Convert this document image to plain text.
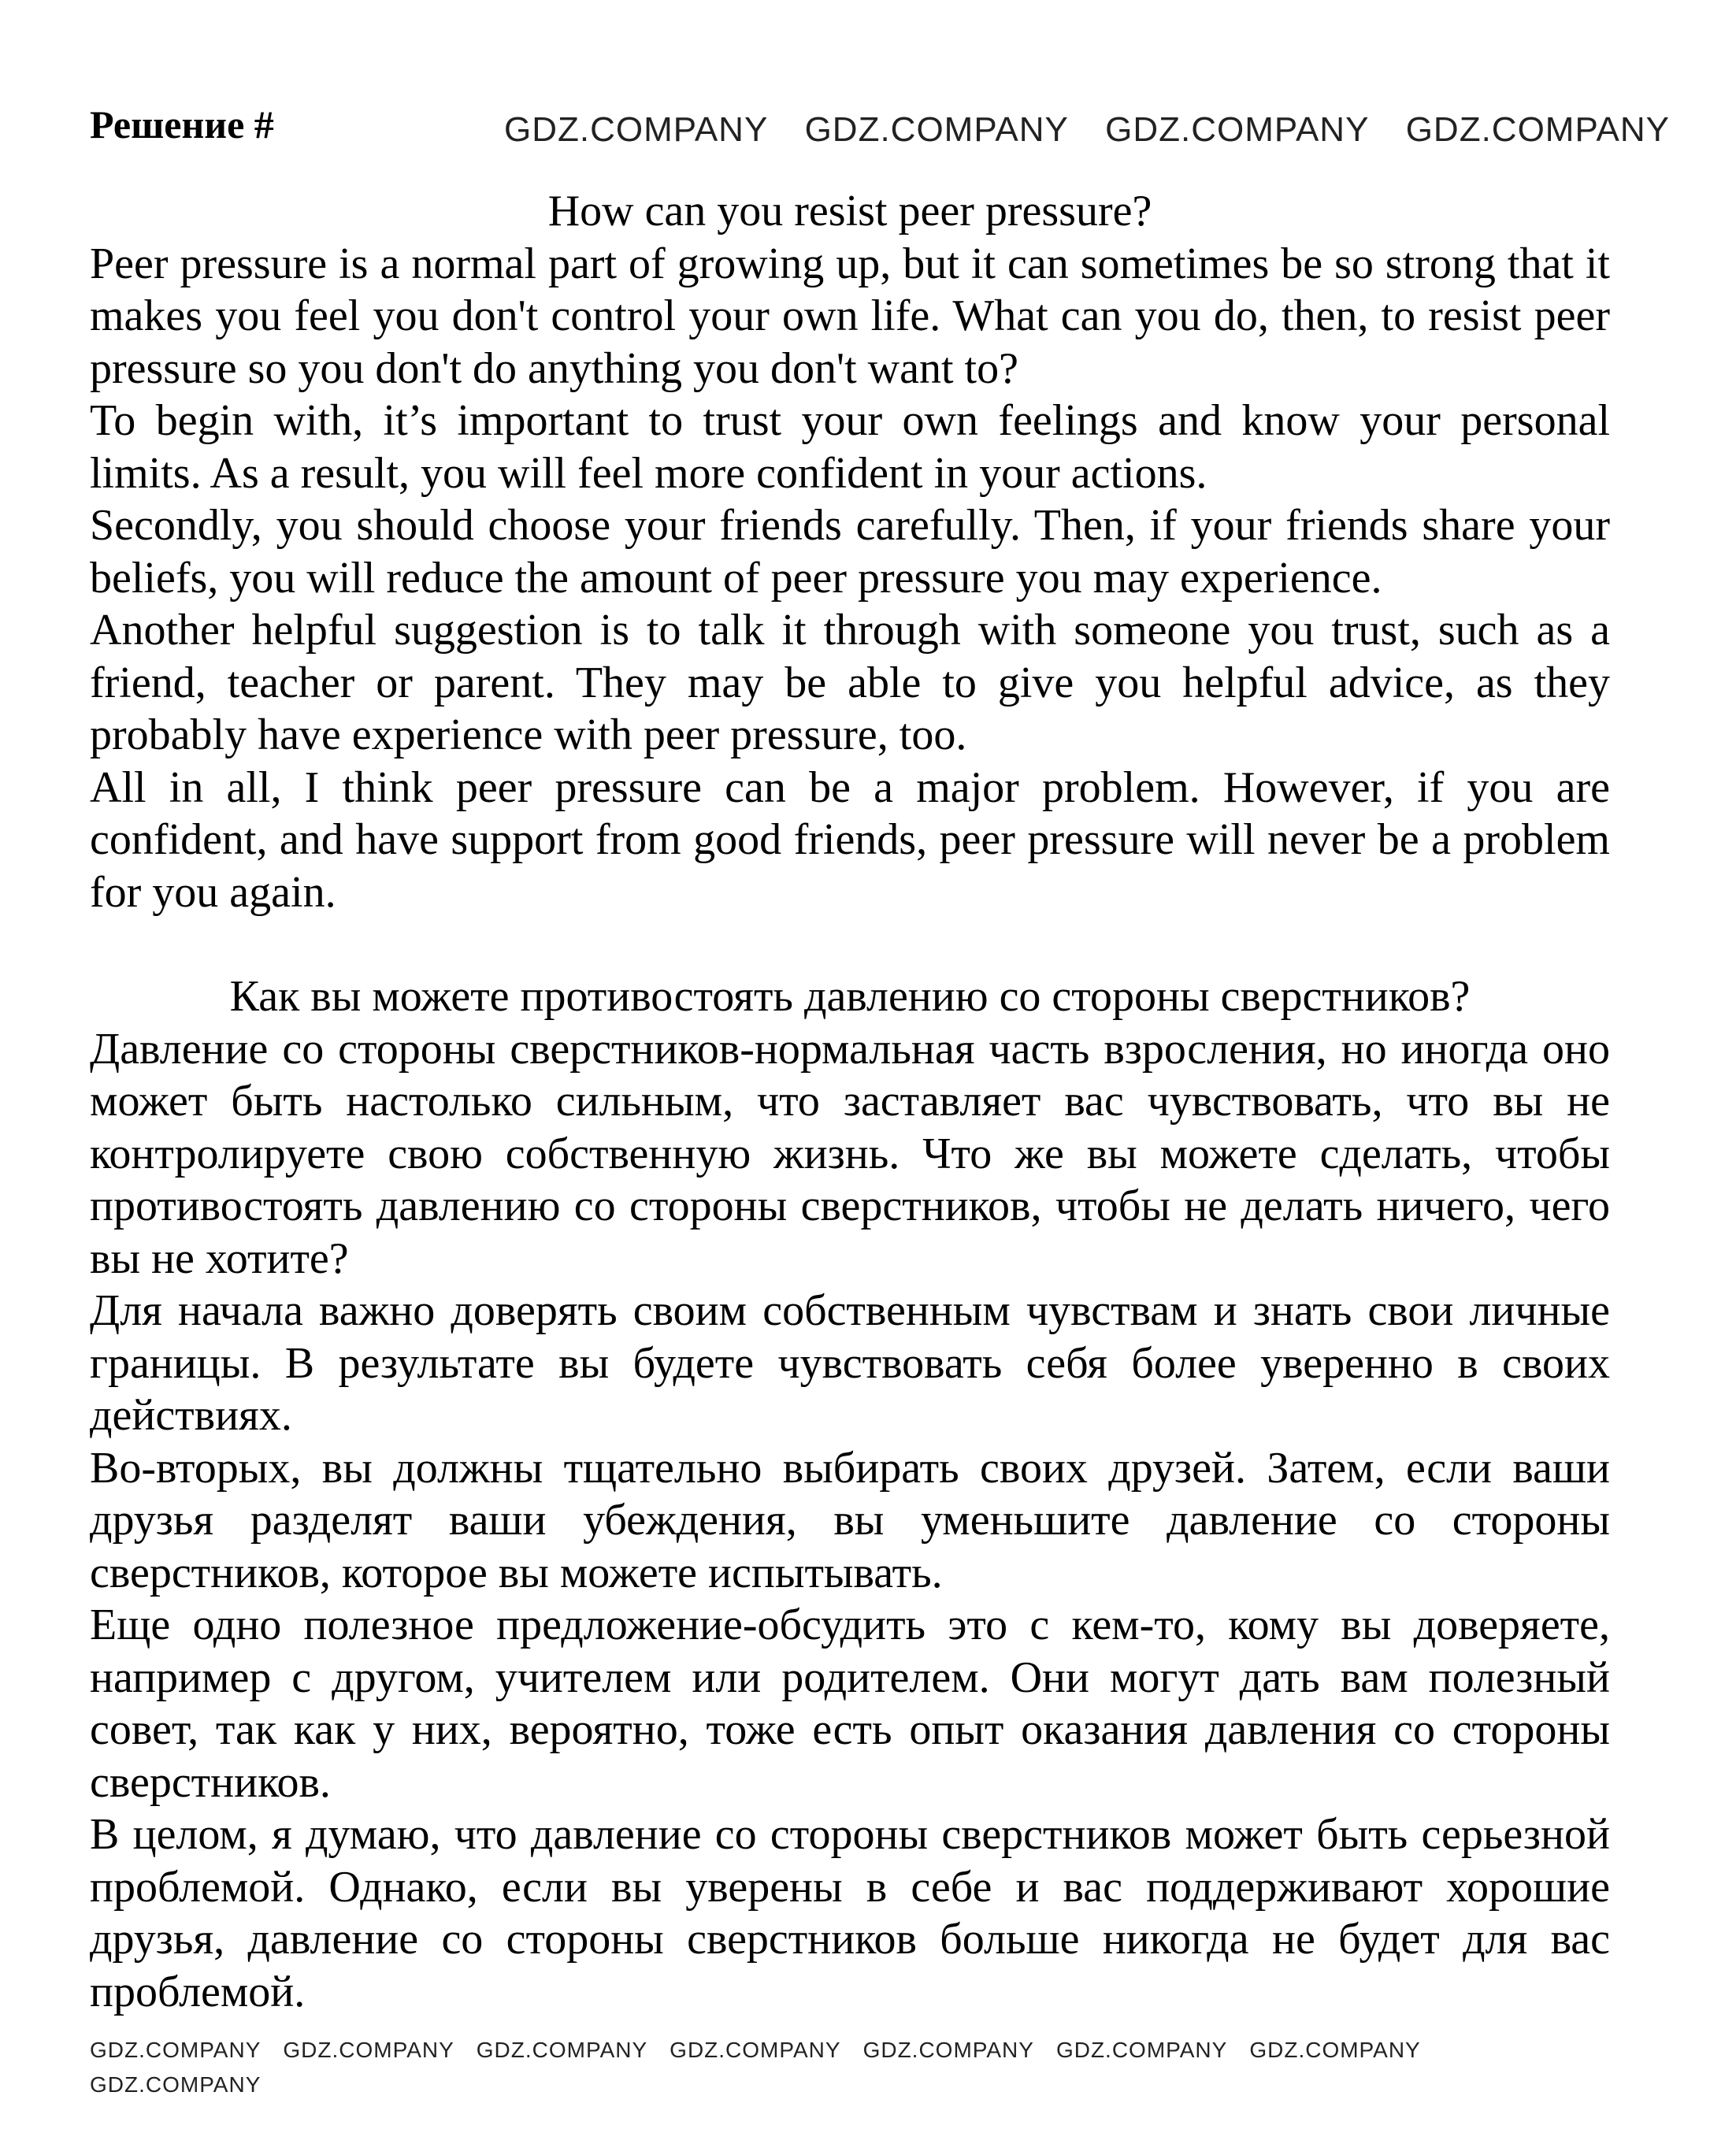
Решение #	GDZ.COMPANY GDZ.COMPANY GDZ.COMPANY GDZ.COMPANY

How can you resist peer pressure?

Peer pressure is a normal part of growing up, but it can sometimes be so strong that it makes you feel you don't control your own life. What can you do, then, to resist peer pressure so you don't do anything you don't want to?

To begin with, it’s important to trust your own feelings and know your personal limits. As a result, you will feel more confident in your actions.

Secondly, you should choose your friends carefully. Then, if your friends share your beliefs, you will reduce the amount of peer pressure you may experience.

Another helpful suggestion is to talk it through with someone you trust, such as a friend, teacher or parent. They may be able to give you helpful advice, as they probably have experience with peer pressure, too.

All in all, I think peer pressure can be a major problem. However, if you are confident, and have support from good friends, peer pressure will never be a problem for you again.

Как вы можете противостоять давлению со стороны сверстников?

Давление со стороны сверстников-нормальная часть взросления, но иногда оно может быть настолько сильным, что заставляет вас чувствовать, что вы не контролируете свою собственную жизнь. Что же вы можете сделать, чтобы противостоять давлению со стороны сверстников, чтобы не делать ничего, чего вы не хотите?

Для начала важно доверять своим собственным чувствам и знать свои личные границы. В результате вы будете чувствовать себя более уверенно в своих действиях.

Во-вторых, вы должны тщательно выбирать своих друзей. Затем, если ваши друзья разделят ваши убеждения, вы уменьшите давление со стороны сверстников, которое вы можете испытывать.

Еще одно полезное предложение-обсудить это с кем-то, кому вы доверяете, например с другом, учителем или родителем. Они могут дать вам полезный совет, так как у них, вероятно, тоже есть опыт оказания давления со стороны сверстников.

В целом, я думаю, что давление со стороны сверстников может быть серьезной проблемой. Однако, если вы уверены в себе и вас поддерживают хорошие друзья, давление со стороны сверстников больше никогда не будет для вас проблемой.

GDZ.COMPANY GDZ.COMPANY GDZ.COMPANY GDZ.COMPANY GDZ.COMPANY GDZ.COMPANY GDZ.COMPANY
GDZ.COMPANY
